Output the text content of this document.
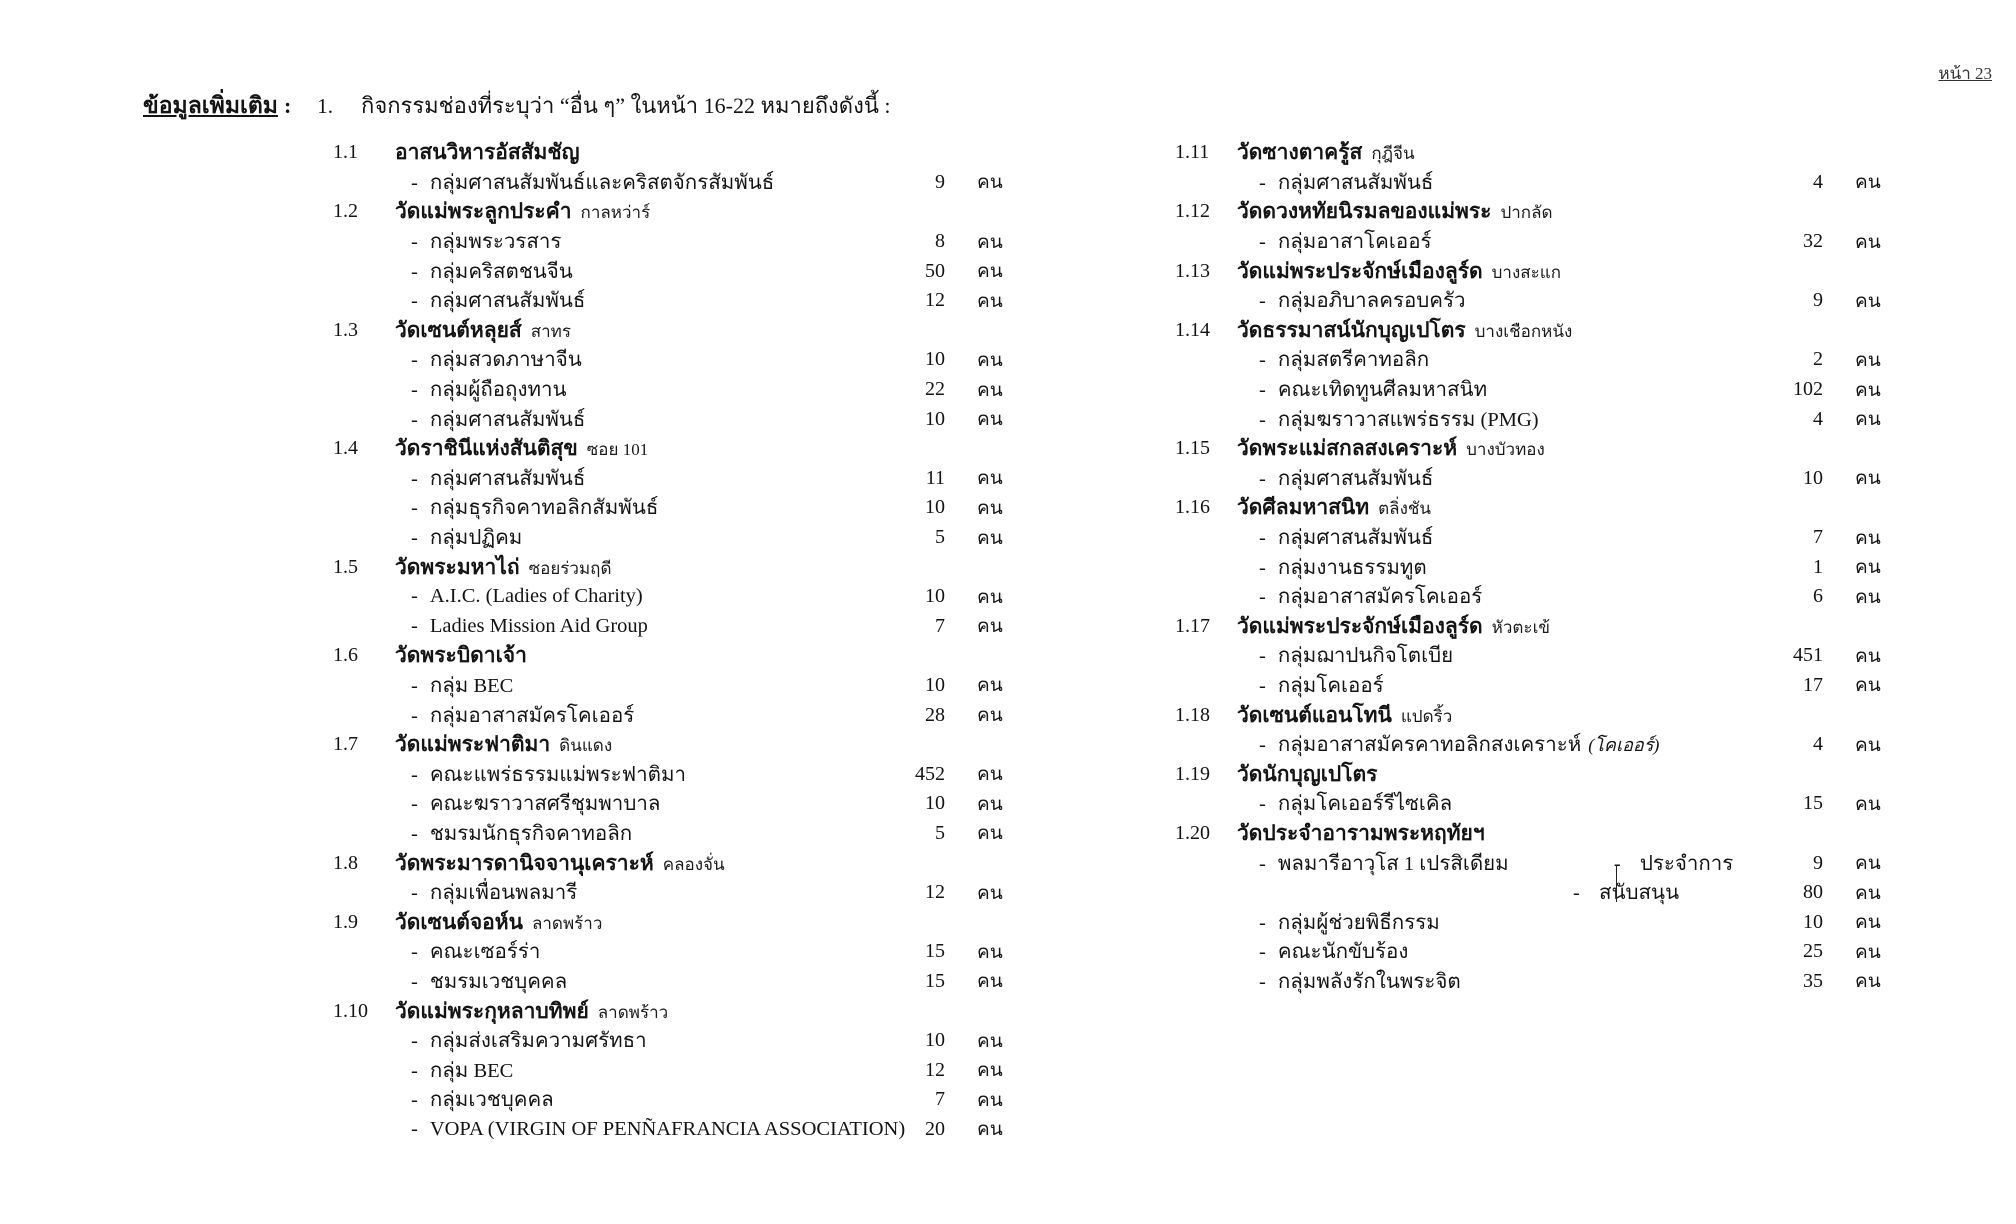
หน้า 23
ข้อมูลเพิ่มเติม : 1. กิจกรรมช่องที่ระบุว่า “อื่น ๆ” ในหน้า 16-22 หมายถึงดังนี้ :
1.1	อาสนวิหารอัสสัมชัญ
- กลุ่มศาสนสัมพันธ์และคริสตจักรสัมพันธ์	9	คน
1.2	วัดแม่พระลูกประคำ กาลหว่าร์
- กลุ่มพระวรสาร	8	คน
- กลุ่มคริสตชนจีน	50	คน
- กลุ่มศาสนสัมพันธ์	12	คน
1.3	วัดเซนต์หลุยส์ สาทร
- กลุ่มสวดภาษาจีน	10	คน
- กลุ่มผู้ถือถุงทาน	22	คน
- กลุ่มศาสนสัมพันธ์	10	คน
1.4	วัดราชินีแห่งสันติสุข ซอย 101
- กลุ่มศาสนสัมพันธ์	11	คน
- กลุ่มธุรกิจคาทอลิกสัมพันธ์	10	คน
- กลุ่มปฏิคม	5	คน
1.5	วัดพระมหาไถ่ ซอยร่วมฤดี
- A.I.C. (Ladies of Charity)	10	คน
- Ladies Mission Aid Group	7	คน
1.6	วัดพระบิดาเจ้า
- กลุ่ม BEC	10	คน
- กลุ่มอาสาสมัครโคเออร์	28	คน
1.7	วัดแม่พระฟาติมา ดินแดง
- คณะแพร่ธรรมแม่พระฟาติมา	452	คน
- คณะฆราวาสศรีชุมพาบาล	10	คน
- ชมรมนักธุรกิจคาทอลิก	5	คน
1.8	วัดพระมารดานิจจานุเคราะห์ คลองจั่น
- กลุ่มเพื่อนพลมารี	12	คน
1.9	วัดเซนต์จอห์น ลาดพร้าว
- คณะเซอร์ร่า	15	คน
- ชมรมเวชบุคคล	15	คน
1.10	วัดแม่พระกุหลาบทิพย์ ลาดพร้าว
- กลุ่มส่งเสริมความศรัทธา	10	คน
- กลุ่ม BEC	12	คน
- กลุ่มเวชบุคคล	7	คน
- VOPA (VIRGIN OF PENÑAFRANCIA ASSOCIATION) 20	คน
1.11	วัดซางตาครู้ส กุฎีจีน
- กลุ่มศาสนสัมพันธ์	4	คน
1.12	วัดดวงหทัยนิรมลของแม่พระ ปากลัด
- กลุ่มอาสาโคเออร์	32	คน
1.13	วัดแม่พระประจักษ์เมืองลูร์ด บางสะแก
- กลุ่มอภิบาลครอบครัว	9	คน
1.14	วัดธรรมาสน์นักบุญเปโตร บางเชือกหนัง
- กลุ่มสตรีคาทอลิก	2	คน
- คณะเทิดทูนศีลมหาสนิท	102	คน
- กลุ่มฆราวาสแพร่ธรรม (PMG)	4	คน
1.15	วัดพระแม่สกลสงเคราะห์ บางบัวทอง
- กลุ่มศาสนสัมพันธ์	10	คน
1.16	วัดศีลมหาสนิท ตลิ่งชัน
- กลุ่มศาสนสัมพันธ์	7	คน
- กลุ่มงานธรรมทูต	1	คน
- กลุ่มอาสาสมัครโคเออร์	6	คน
1.17	วัดแม่พระประจักษ์เมืองลูร์ด หัวตะเข้
- กลุ่มฌาปนกิจโตเบีย	451	คน
- กลุ่มโคเออร์	17	คน
1.18	วัดเซนต์แอนโทนี แปดริ้ว
- กลุ่มอาสาสมัครคาทอลิกสงเคราะห์ (โคเออร์)	4	คน
1.19	วัดนักบุญเปโตร
- กลุ่มโคเออร์รีไซเคิล	15	คน
1.20	วัดประจำอารามพระหฤทัยฯ
- พลมารีอาวุโส 1 เปรสิเดียม	- ประจำการ	9	คน
- สนับสนุน	80	คน
- กลุ่มผู้ช่วยพิธีกรรม	10	คน
- คณะนักขับร้อง	25	คน
- กลุ่มพลังรักในพระจิต	35	คน
